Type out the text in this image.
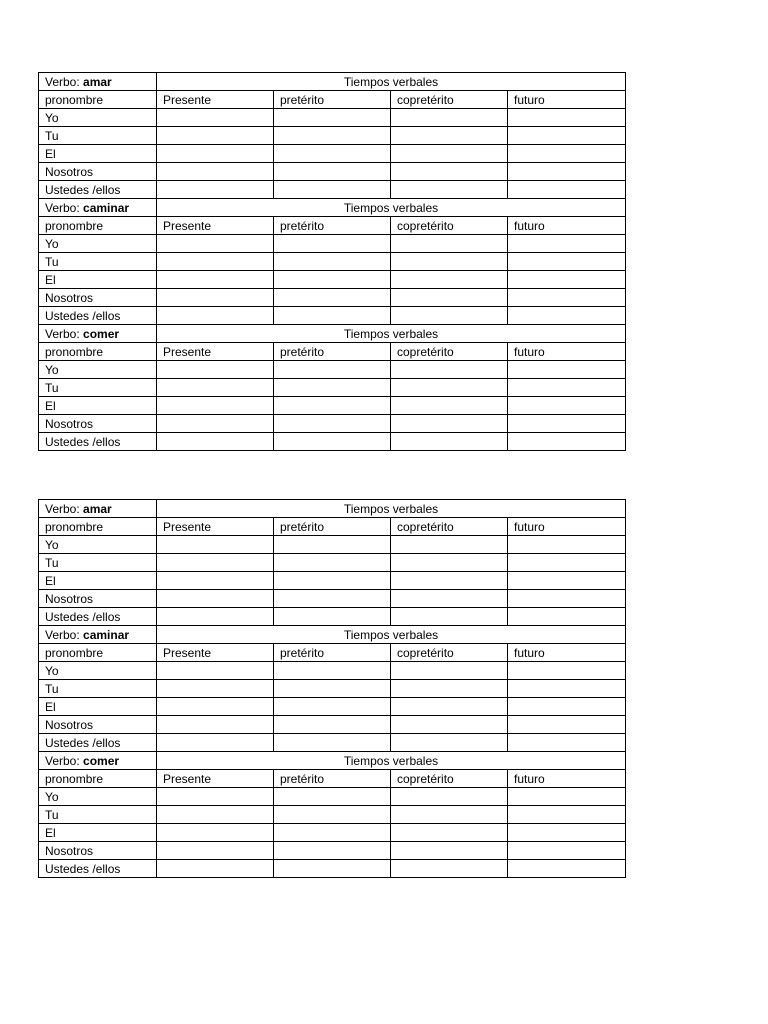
Verbo: amar	Tiempos verbales			
pronombre	Presente	pretérito	copretérito	futuro
Yo				
Tu				
El				
Nosotros				
Ustedes /ellos				
Verbo: caminar	Tiempos verbales			
pronombre	Presente	pretérito	copretérito	futuro
Yo				
Tu				
El				
Nosotros				
Ustedes /ellos				
Verbo: comer	Tiempos verbales			
pronombre	Presente	pretérito	copretérito	futuro
Yo				
Tu				
El				
Nosotros				
Ustedes /ellos				
Verbo: amar	Tiempos verbales			
pronombre	Presente	pretérito	copretérito	futuro
Yo				
Tu				
El				
Nosotros				
Ustedes /ellos				
Verbo: caminar	Tiempos verbales			
pronombre	Presente	pretérito	copretérito	futuro
Yo				
Tu				
El				
Nosotros				
Ustedes /ellos				
Verbo: comer	Tiempos verbales			
pronombre	Presente	pretérito	copretérito	futuro
Yo				
Tu				
El				
Nosotros				
Ustedes /ellos				
